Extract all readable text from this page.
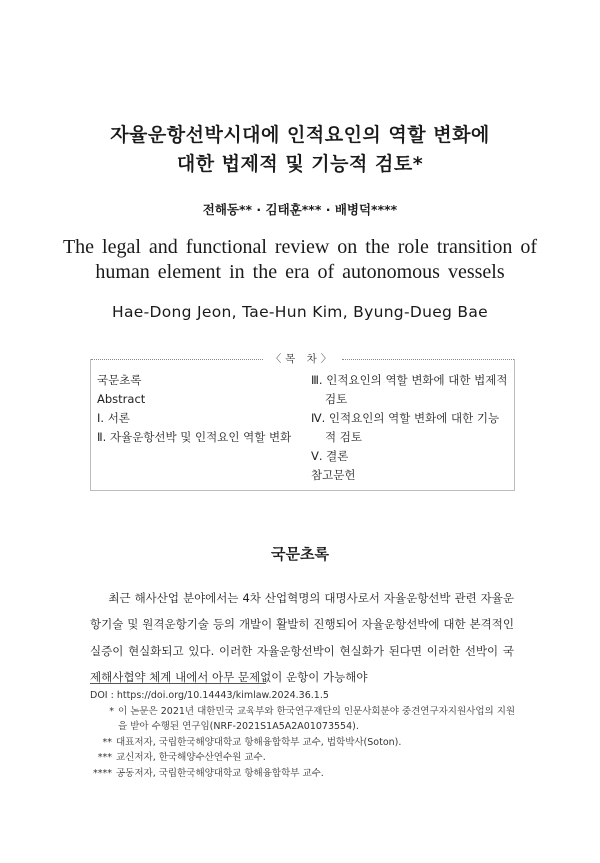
자율운항선박시대에 인적요인의 역할 변화에
대한 법제적 및 기능적 검토*
전해동** · 김태훈*** · 배병덕****
The legal and functional review on the role transition of
human element in the era of autonomous vessels
Hae-Dong Jeon, Tae-Hun Kim, Byung-Dueg Bae
〈목 차〉

국문초록

Abstract

Ⅰ. 서론

Ⅱ. 자율운항선박 및 인적요인 역할 변화

Ⅲ. 인적요인의 역할 변화에 대한 법제적 검토

Ⅳ. 인적요인의 역할 변화에 대한 기능적 검토

Ⅴ. 결론

참고문헌

국문초록

최근 해사산업 분야에서는 4차 산업혁명의 대명사로서 자율운항선박 관련 자율운항기술 및 원격운항기술 등의 개발이 활발히 진행되어 자율운항선박에 대한 본격적인 실증이 현실화되고 있다. 이러한 자율운항선박이 현실화가 된다면 이러한 선박이 국제해사협약 체계 내에서 아무 문제없이 운항이 가능해야

DOI : https://doi.org/10.14443/kimlaw.2024.36.1.5

* 이 논문은 2021년 대한민국 교육부와 한국연구재단의 인문사회분야 중견연구자지원사업의 지원을 받아 수행된 연구임(NRF-2021S1A5A2A01073554).

** 대표저자, 국립한국해양대학교 항해융합학부 교수, 법학박사(Soton).

*** 교신저자, 한국해양수산연수원 교수.

**** 공동저자, 국립한국해양대학교 항해융합학부 교수.
